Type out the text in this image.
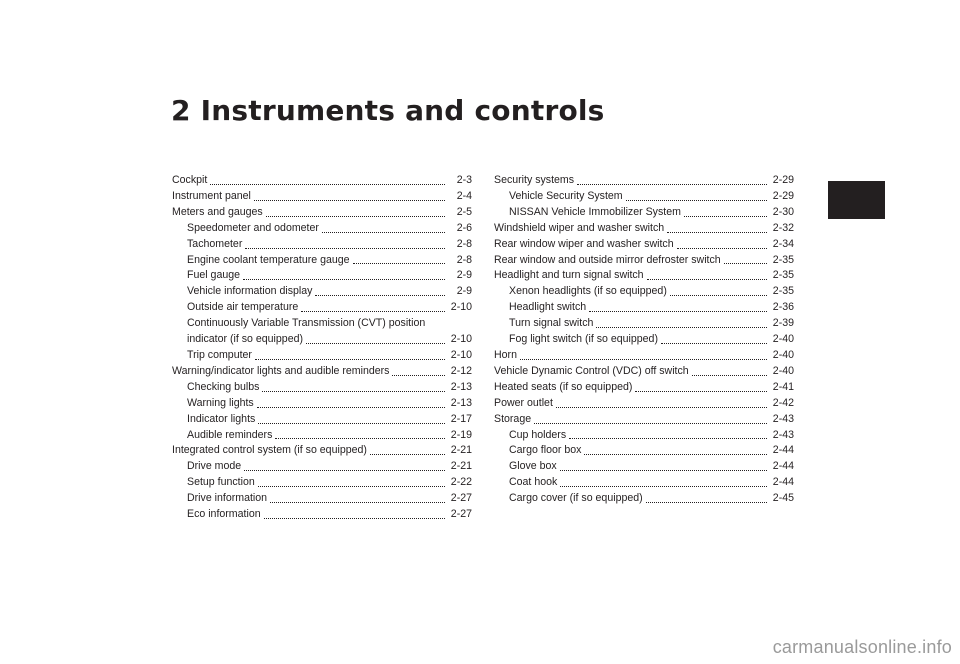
2 Instruments and controls
Cockpit	2-3
Instrument panel	2-4
Meters and gauges	2-5
Speedometer and odometer	2-6
Tachometer	2-8
Engine coolant temperature gauge	2-8
Fuel gauge	2-9
Vehicle information display	2-9
Outside air temperature	2-10
Continuously Variable Transmission (CVT) position
indicator (if so equipped)	2-10
Trip computer	2-10
Warning/indicator lights and audible reminders	2-12
Checking bulbs	2-13
Warning lights	2-13
Indicator lights	2-17
Audible reminders	2-19
Integrated control system (if so equipped)	2-21
Drive mode	2-21
Setup function	2-22
Drive information	2-27
Eco information	2-27
Security systems	2-29
Vehicle Security System	2-29
NISSAN Vehicle Immobilizer System	2-30
Windshield wiper and washer switch	2-32
Rear window wiper and washer switch	2-34
Rear window and outside mirror defroster switch	2-35
Headlight and turn signal switch	2-35
Xenon headlights (if so equipped)	2-35
Headlight switch	2-36
Turn signal switch	2-39
Fog light switch (if so equipped)	2-40
Horn	2-40
Vehicle Dynamic Control (VDC) off switch	2-40
Heated seats (if so equipped)	2-41
Power outlet	2-42
Storage	2-43
Cup holders	2-43
Cargo floor box	2-44
Glove box	2-44
Coat hook	2-44
Cargo cover (if so equipped)	2-45
carmanualsonline.info
